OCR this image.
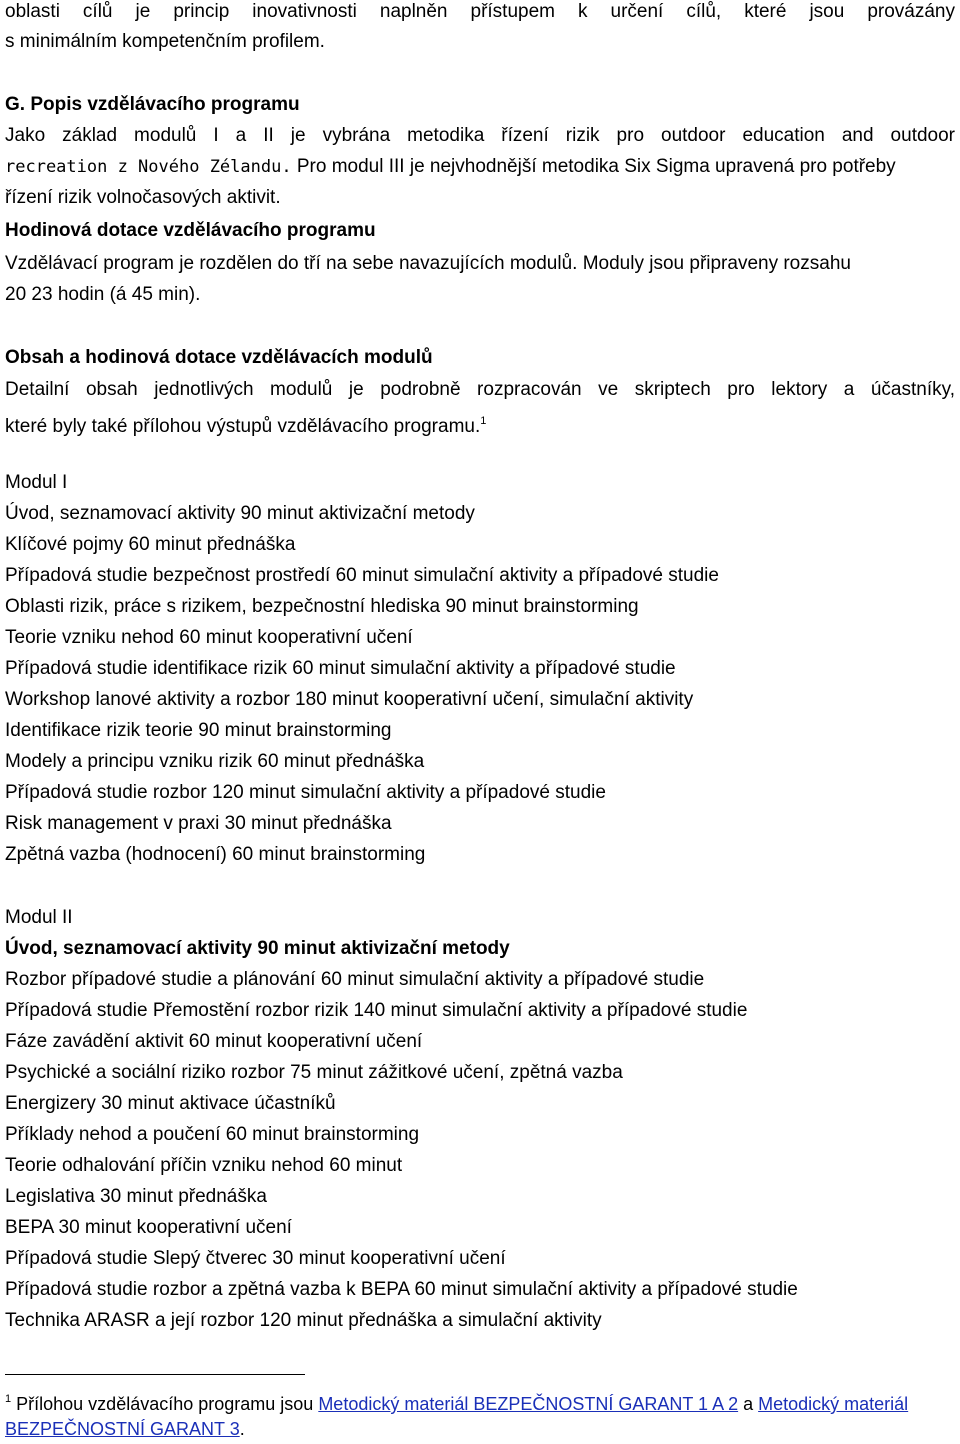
oblasti cílů je princip inovativnosti naplněn přístupem k určení cílů, které jsou provázány
s minimálním kompetenčním profilem.
G. Popis vzdělávacího programu
Jako základ modulů I a II je vybrána metodika řízení rizik pro outdoor education and outdoor
recreation z Nového Zélandu. Pro modul III je nejvhodnější metodika Six Sigma upravená pro potřeby
řízení rizik volnočasových aktivit.
Hodinová dotace vzdělávacího programu
Vzdělávací program je rozdělen do tří na sebe navazujících modulů. Moduly jsou připraveny rozsahu
20 23 hodin (á 45 min).
Obsah a hodinová dotace vzdělávacích modulů
Detailní obsah jednotlivých modulů je podrobně rozpracován ve skriptech pro lektory a účastníky,
které byly také přílohou výstupů vzdělávacího programu.$^1$
Modul I
Úvod, seznamovací aktivity 90 minut aktivizační metody
Klíčové pojmy 60 minut přednáška
Případová studie bezpečnost prostředí 60 minut simulační aktivity a případové studie
Oblasti rizik, práce s rizikem, bezpečnostní hlediska 90 minut brainstorming
Teorie vzniku nehod 60 minut kooperativní učení
Případová studie identifikace rizik 60 minut simulační aktivity a případové studie
Workshop lanové aktivity a rozbor 180 minut kooperativní učení, simulační aktivity
Identifikace rizik teorie 90 minut brainstorming
Modely a principu vzniku rizik 60 minut přednáška
Případová studie rozbor 120 minut simulační aktivity a případové studie
Risk management v praxi 30 minut přednáška
Zpětná vazba (hodnocení) 60 minut brainstorming
Modul II
Úvod, seznamovací aktivity 90 minut aktivizační metody
Rozbor případové studie a plánování 60 minut simulační aktivity a případové studie
Případová studie Přemostění rozbor rizik 140 minut simulační aktivity a případové studie
Fáze zavádění aktivit 60 minut kooperativní učení
Psychické a sociální riziko rozbor 75 minut zážitkové učení, zpětná vazba
Energizery 30 minut aktivace účastníků
Příklady nehod a poučení 60 minut brainstorming
Teorie odhalování příčin vzniku nehod 60 minut
Legislativa 30 minut přednáška
BEPA 30 minut kooperativní učení
Případová studie Slepý čtverec 30 minut kooperativní učení
Případová studie rozbor a zpětná vazba k BEPA 60 minut simulační aktivity a případové studie
Technika ARASR a její rozbor 120 minut přednáška a simulační aktivity
$^1$ Přílohou vzdělávacího programu jsou Metodický materiál BEZPEČNOSTNÍ GARANT 1 A 2 a Metodický materiál
BEZPEČNOSTNÍ GARANT 3.
